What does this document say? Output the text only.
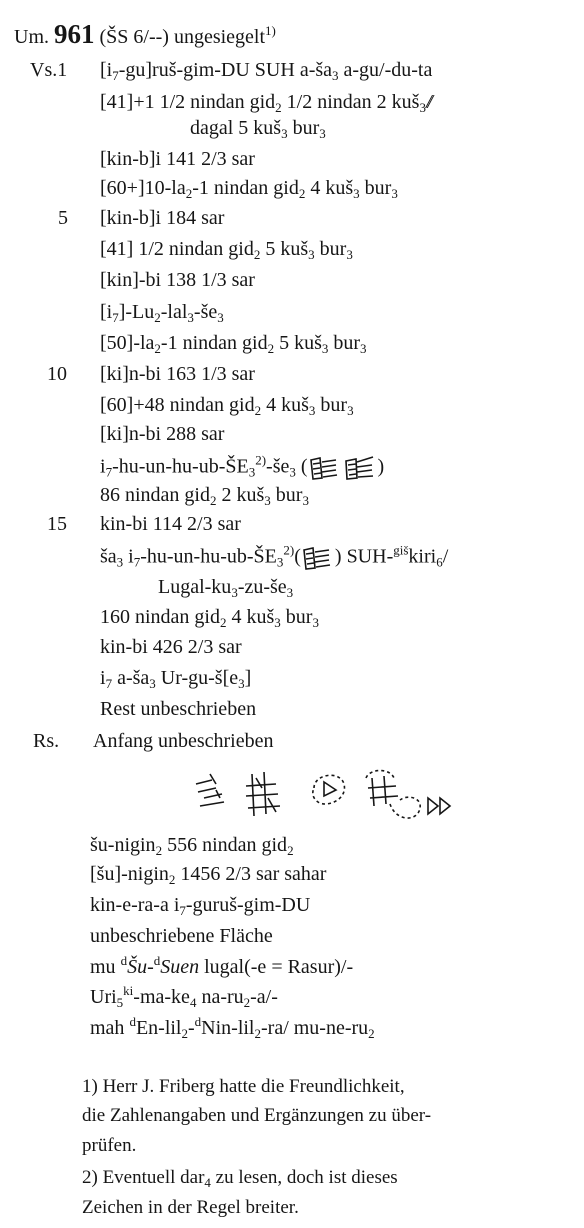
Um. 961 (ŠS 6/--) ungesiegelt$^{1)}$
Vs.1
5
10
15
Rs.
$[i_7-gu]ruš-gim-DU$ SUH $a-ša_3$ a-gu/-du-ta
[41]+1 1/2 nindan gid$_2$ 1/2 nindan 2 kuš$_3$//
dagal 5 kuš$_3$ bur$_3$
[kin-b]i 141 2/3 sar
$[60+]10-la_2-1$ nindan gid$_2$ 4 kuš$_3$ bur$_3$
[kin-b]i 184 sar
[41] 1/2 nindan gid$_2$ 5 kuš$_3$ bur$_3$
[kin]-bi 138 1/3 sar
$[i_7]-Lu_2-lal_3-še_3$
$[50]-la_2-1$ nindan gid$_2$ 5 kuš$_3$ bur$_3$
[ki]n-bi 163 1/3 sar
[60]+48 nindan gid$_2$ 4 kuš$_3$ bur$_3$
[ki]n-bi 288 sar
$i_7-hu-un-hu-ub-ŠE_3^{2)}-še_3$ (	)
86 nindan gid$_2$ 2 kuš$_3$ bur$_3$
kin-bi 114 2/3 sar
$ša_3$ $i_7-hu-un-hu-ub-ŠE_3^{2)}$( ) SUH-$^{giš}$kiri$_6$/
Lugal-$ku_3-zu-še_3$
160 nindan gid$_2$ 4 kuš$_3$ bur$_3$
kin-bi 426 2/3 sar
$i_7$ $a-ša_3$ $Ur-gu-š[e_3]$
Rest unbeschrieben
Anfang unbeschrieben
šu-nigin$_2$ 556 nindan gid$_2$
[šu]-nigin$_2$ 1456 2/3 sar sahar
kin-e-ra-a $i_7-guruš-gim-DU$
unbeschriebene Fläche
mu $^d$Šu-$^d$Suen lugal(-e = Rasur)/-
$Uri_5^{ki}-ma-ke_4$ $na-ru_2-a/-$
mah $^d$En-lil$_2$-$^d$Nin-lil$_2$-ra/ $mu-ne-ru_2$
1) Herr J. Friberg hatte die Freundlichkeit,
die Zahlenangaben und Ergänzungen zu über-
prüfen.
2) Eventuell dar$_4$ zu lesen, doch ist dieses
Zeichen in der Regel breiter.
